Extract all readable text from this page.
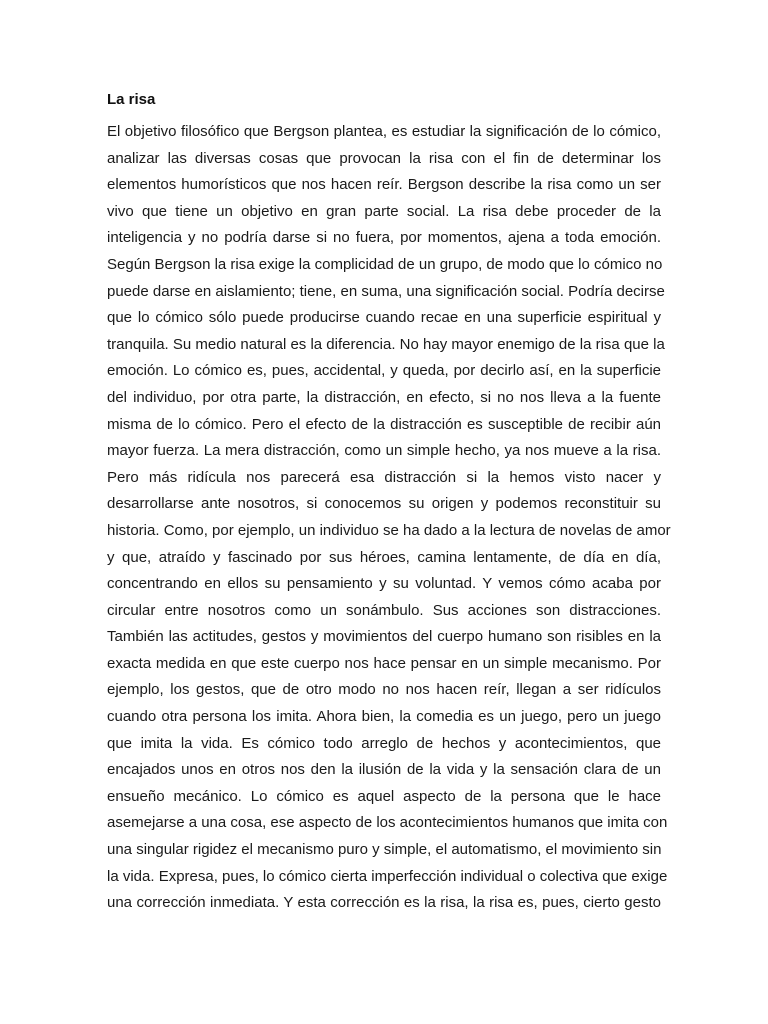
La risa
El objetivo filosófico que Bergson plantea, es estudiar la significación de lo cómico,
analizar las diversas cosas que provocan la risa con el fin de determinar los
elementos humorísticos que nos hacen reír. Bergson describe la risa como un ser
vivo que tiene un objetivo en gran parte social. La risa debe proceder de la
inteligencia y no podría darse si no fuera, por momentos, ajena a toda emoción.
Según Bergson la risa exige la complicidad de un grupo, de modo que lo cómico no
puede darse en aislamiento; tiene, en suma, una significación social. Podría decirse
que lo cómico sólo puede producirse cuando recae en una superficie espiritual y
tranquila. Su medio natural es la diferencia. No hay mayor enemigo de la risa que la
emoción. Lo cómico es, pues, accidental, y queda, por decirlo así, en la superficie
del individuo, por otra parte, la distracción, en efecto, si no nos lleva a la fuente
misma de lo cómico. Pero el efecto de la distracción es susceptible de recibir aún
mayor fuerza. La mera distracción, como un simple hecho, ya nos mueve a la risa.
Pero más ridícula nos parecerá esa distracción si la hemos visto nacer y
desarrollarse ante nosotros, si conocemos su origen y podemos reconstituir su
historia. Como, por ejemplo, un individuo se ha dado a la lectura de novelas de amor
y que, atraído y fascinado por sus héroes, camina lentamente, de día en día,
concentrando en ellos su pensamiento y su voluntad. Y vemos cómo acaba por
circular entre nosotros como un sonámbulo. Sus acciones son distracciones.
También las actitudes, gestos y movimientos del cuerpo humano son risibles en la
exacta medida en que este cuerpo nos hace pensar en un simple mecanismo. Por
ejemplo, los gestos, que de otro modo no nos hacen reír, llegan a ser ridículos
cuando otra persona los imita. Ahora bien, la comedia es un juego, pero un juego
que imita la vida. Es cómico todo arreglo de hechos y acontecimientos, que
encajados unos en otros nos den la ilusión de la vida y la sensación clara de un
ensueño mecánico. Lo cómico es aquel aspecto de la persona que le hace
asemejarse a una cosa, ese aspecto de los acontecimientos humanos que imita con
una singular rigidez el mecanismo puro y simple, el automatismo, el movimiento sin
la vida. Expresa, pues, lo cómico cierta imperfección individual o colectiva que exige
una corrección inmediata. Y esta corrección es la risa, la risa es, pues, cierto gesto
